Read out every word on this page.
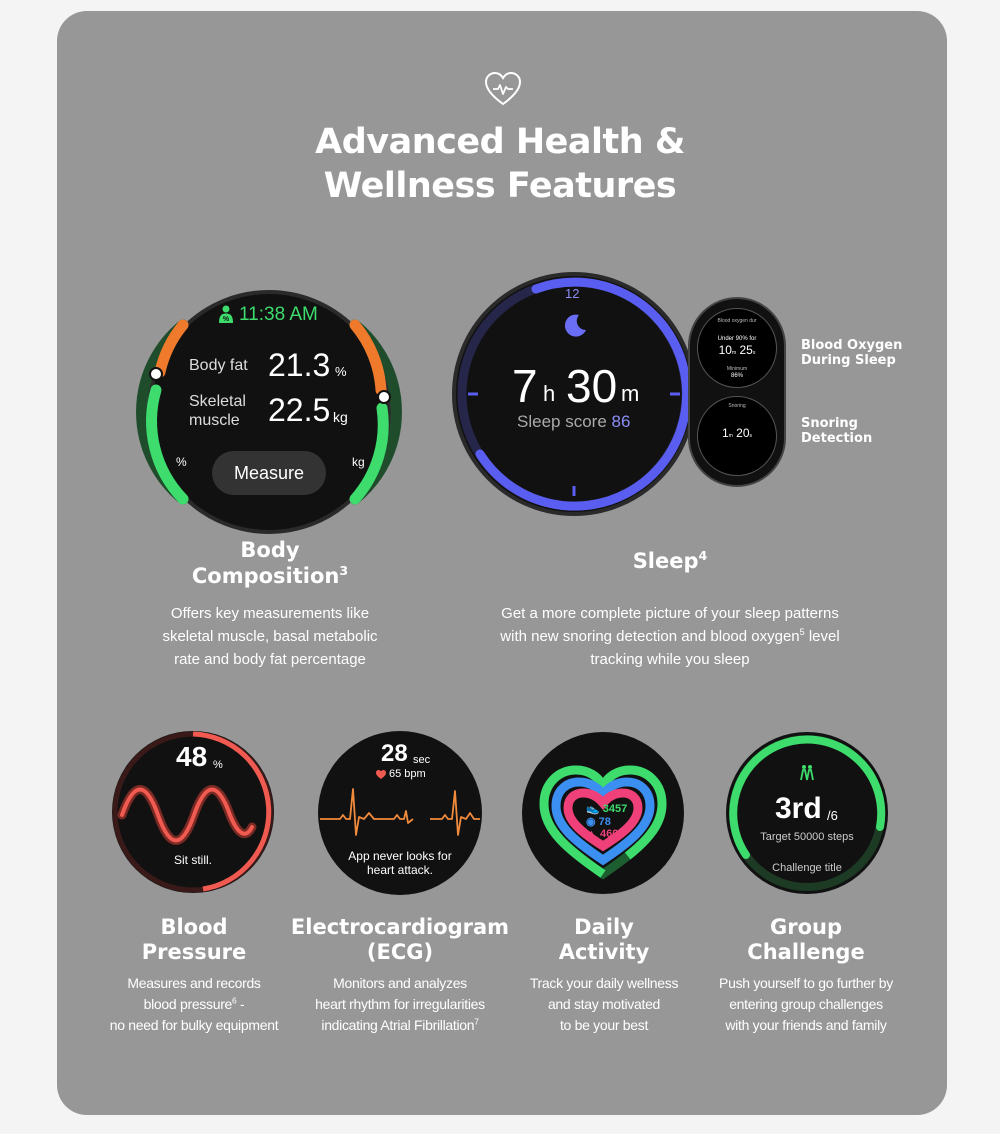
Advanced Health &
Wellness Features
% 11:38 AM
Body fat 21.3 %
Skeletal
muscle 22.5 kg
%	kg
Measure
Body
Composition$^3$
Offers key measurements like
skeletal muscle, basal metabolic
rate and body fat percentage
12
7 h 30 m
Sleep score 86
Blood oxygen dur
Under 90% for
10m 25s
Minimum
86%
Snoring
1m 20s
Blood Oxygen
During Sleep
Snoring
Detection
Sleep$^4$
Get a more complete picture of your sleep patterns
with new snoring detection and blood oxygen$^5$ level
tracking while you sleep
48 %
Sit still.
Blood
Pressure
Measures and records
blood pressure$^6$ -
no need for bulky equipment
28 sec
65 bpm
App never looks for
heart attack.
Electrocardiogram
(ECG)
Monitors and analyzes
heart rhythm for irregularities
indicating Atrial Fibrillation$^7$
👟 3457
◉ 78
▲ 460
Daily
Activity
Track your daily wellness
and stay motivated
to be your best
3rd /6
Target 50000 steps
Challenge title
Group
Challenge
Push yourself to go further by
entering group challenges
with your friends and family
